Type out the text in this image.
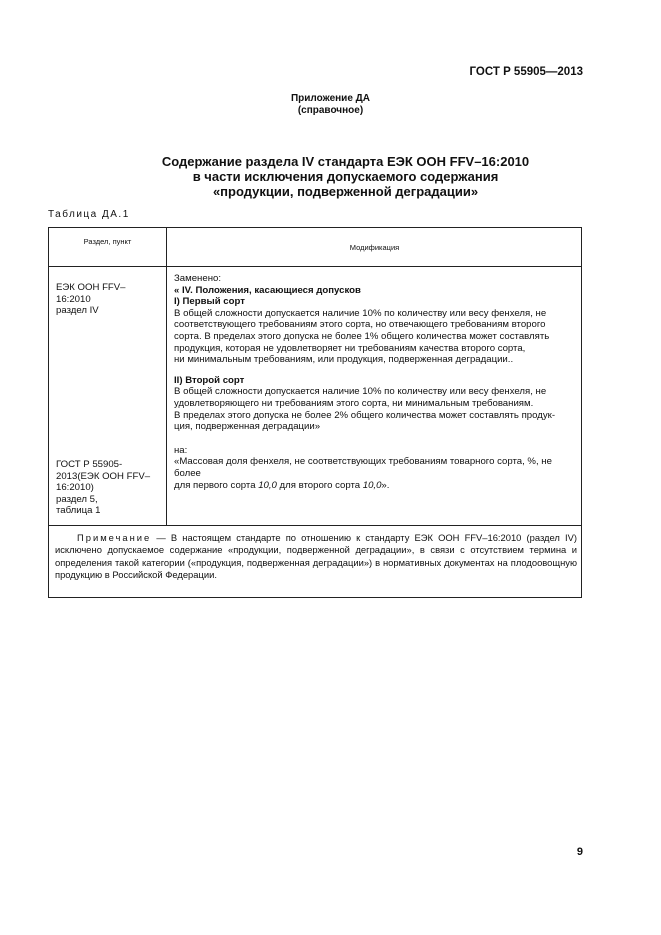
ГОСТ Р 55905—2013
Приложение ДА
(справочное)
Содержание раздела IV стандарта ЕЭК ООН FFV–16:2010
в части исключения допускаемого содержания
«продукции, подверженной деградации»
Таблица ДА.1
Раздел, пункт
Модификация
ЕЭК ООН FFV–
16:2010
раздел IV
ГОСТ Р 55905-
2013(ЕЭК ООН FFV–
16:2010)
раздел 5,
таблица 1

Заменено:

« IV. Положения, касающиеся допусков

I) Первый сорт

В общей сложности допускается наличие 10% по количеству или весу фенхеля, не

соответствующего требованиям этого сорта, но отвечающего требованиям второго

сорта. В пределах этого допуска не более 1% общего количества может составлять

продукция, которая не удовлетворяет ни требованиям качества второго сорта,

ни минимальным требованиям, или продукция, подверженная деградации..

II) Второй сорт

В общей сложности допускается наличие 10% по количеству или весу фенхеля, не

удовлетворяющего ни требованиям этого сорта, ни минимальным требованиям.

В пределах этого допуска не более 2% общего количества может составлять продук-

ция, подверженная деградации»

на:

«Массовая доля фенхеля, не соответствующих требованиям товарного сорта, %, не

более

для первого сорта 10,0 для второго сорта 10,0».

Примечание — В настоящем стандарте по отношению к стандарту ЕЭК ООН FFV–16:2010 (раздел IV) исключено допускаемое содержание «продукции, подверженной деградации», в связи с отсутствием термина и определения такой категории («продукция, подверженная деградации») в нормативных документах на плодоовощную продукцию в Российской Федерации.
9
